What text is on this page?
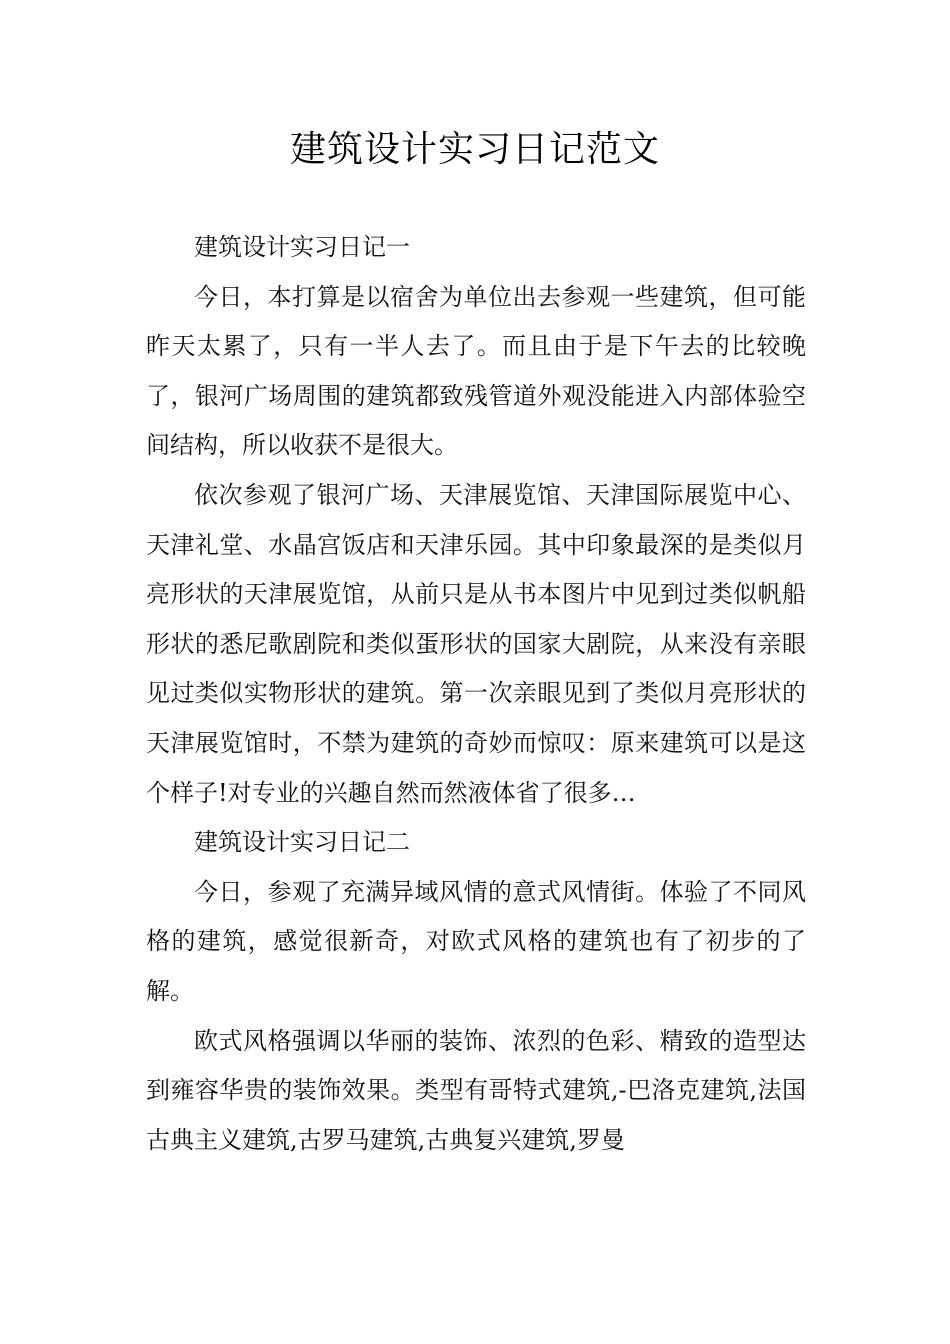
建筑设计实习日记范文

建筑设计实习日记一

今日，本打算是以宿舍为单位出去参观一些建筑，但可能昨天太累了，只有一半人去了。而且由于是下午去的比较晚了，银河广场周围的建筑都致残管道外观没能进入内部体验空间结构，所以收获不是很大。

依次参观了银河广场、天津展览馆、天津国际展览中心、天津礼堂、水晶宫饭店和天津乐园。其中印象最深的是类似月亮形状的天津展览馆，从前只是从书本图片中见到过类似帆船形状的悉尼歌剧院和类似蛋形状的国家大剧院，从来没有亲眼见过类似实物形状的建筑。第一次亲眼见到了类似月亮形状的天津展览馆时，不禁为建筑的奇妙而惊叹：原来建筑可以是这个样子!对专业的兴趣自然而然液体省了很多…

建筑设计实习日记二

今日，参观了充满异域风情的意式风情街。体验了不同风格的建筑，感觉很新奇，对欧式风格的建筑也有了初步的了解。

欧式风格强调以华丽的装饰、浓烈的色彩、精致的造型达到雍容华贵的装饰效果。类型有哥特式建筑,-巴洛克建筑,法国古典主义建筑,古罗马建筑,古典复兴建筑,罗曼
